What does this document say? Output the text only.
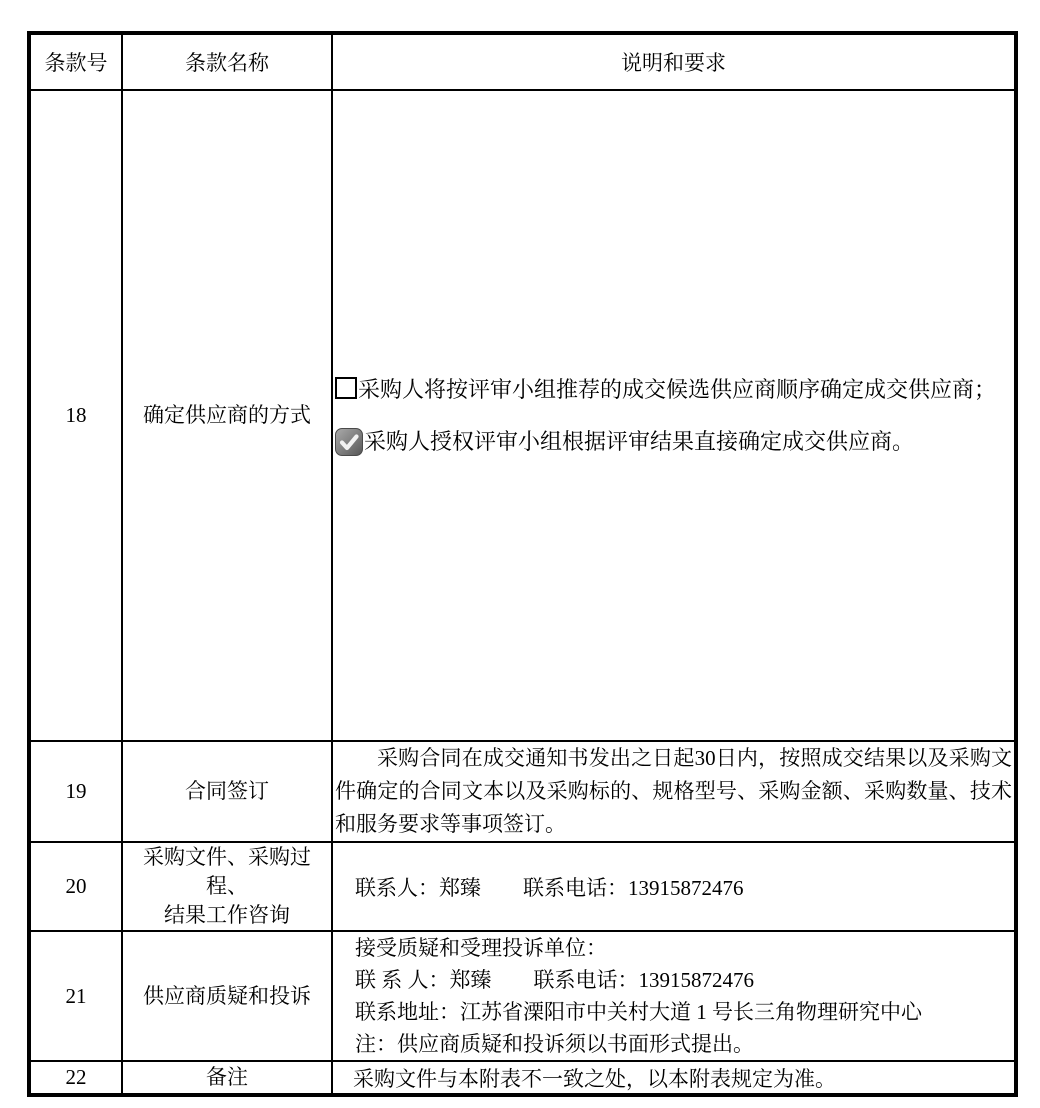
条款号	条款名称	说明和要求
18	确定供应商的方式	采购人将按评审小组推荐的成交候选供应商顺序确定成交供应商；
采购人授权评审小组根据评审结果直接确定成交供应商。

19	合同签订	采购合同在成交通知书发出之日起30日内，按照成交结果以及采购文件确定的合同文本以及采购标的、规格型号、采购金额、采购数量、技术和服务要求等事项签订。

20	采购文件、采购过程、
结果工作咨询	联系人：郑臻　　联系电话：13915872476
21	供应商质疑和投诉	接受质疑和受理投诉单位：
联 系 人：郑臻　　联系电话：13915872476
联系地址：江苏省溧阳市中关村大道 1 号长三角物理研究中心
注：供应商质疑和投诉须以书面形式提出。

22	备注	采购文件与本附表不一致之处，以本附表规定为准。
